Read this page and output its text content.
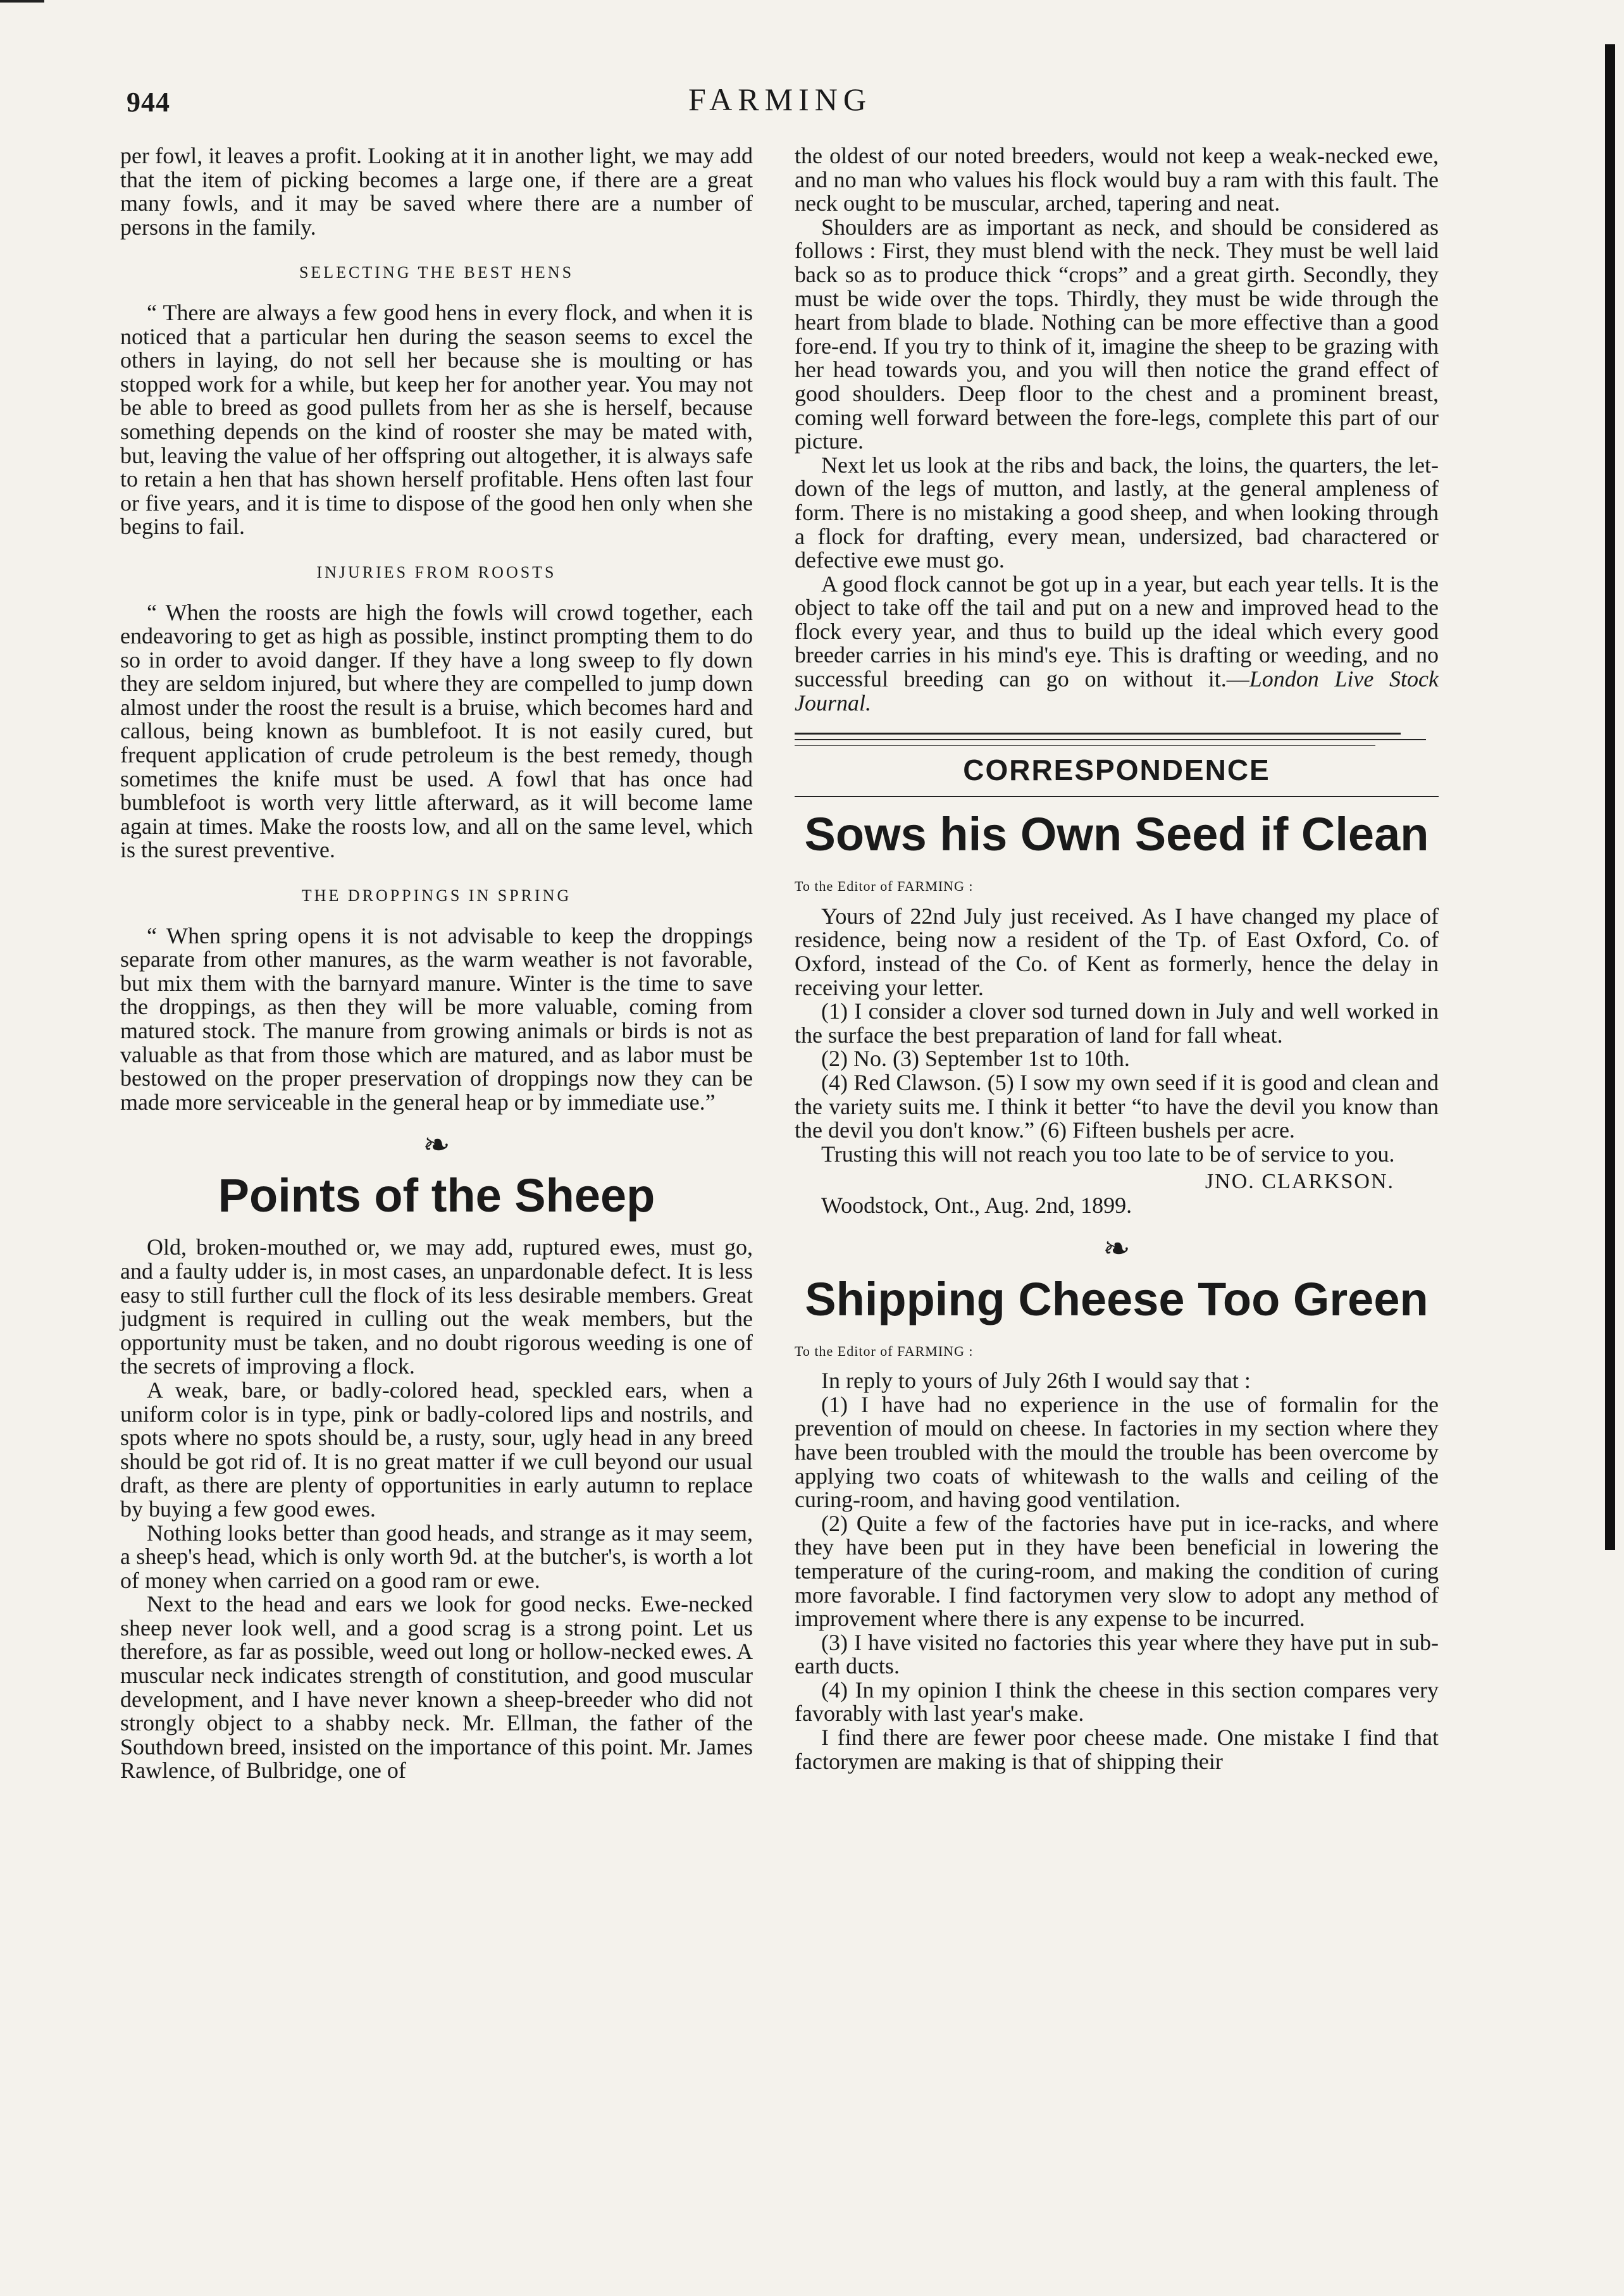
944	FARMING

per fowl, it leaves a profit. Looking at it in another light, we may add that the item of picking becomes a large one, if there are a great many fowls, and it may be saved where there are a number of persons in the family.

SELECTING THE BEST HENS

“ There are always a few good hens in every flock, and when it is noticed that a particular hen during the season seems to excel the others in laying, do not sell her because she is moulting or has stopped work for a while, but keep her for another year. You may not be able to breed as good pullets from her as she is herself, because something depends on the kind of rooster she may be mated with, but, leaving the value of her offspring out altogether, it is always safe to retain a hen that has shown herself profitable. Hens often last four or five years, and it is time to dispose of the good hen only when she begins to fail.

INJURIES FROM ROOSTS

“ When the roosts are high the fowls will crowd together, each endeavoring to get as high as possible, instinct prompting them to do so in order to avoid danger. If they have a long sweep to fly down they are seldom injured, but where they are compelled to jump down almost under the roost the result is a bruise, which becomes hard and callous, being known as bumblefoot. It is not easily cured, but frequent application of crude petroleum is the best remedy, though sometimes the knife must be used. A fowl that has once had bumblefoot is worth very little afterward, as it will become lame again at times. Make the roosts low, and all on the same level, which is the surest preventive.

THE DROPPINGS IN SPRING

“ When spring opens it is not advisable to keep the droppings separate from other manures, as the warm weather is not favorable, but mix them with the barnyard manure. Winter is the time to save the droppings, as then they will be more valuable, coming from matured stock. The manure from growing animals or birds is not as valuable as that from those which are matured, and as labor must be bestowed on the proper preservation of droppings now they can be made more serviceable in the general heap or by immediate use.”

❧
Points of the Sheep

Old, broken-mouthed or, we may add, ruptured ewes, must go, and a faulty udder is, in most cases, an unpardonable defect. It is less easy to still further cull the flock of its less desirable members. Great judgment is required in culling out the weak members, but the opportunity must be taken, and no doubt rigorous weeding is one of the secrets of improving a flock.

A weak, bare, or badly-colored head, speckled ears, when a uniform color is in type, pink or badly-colored lips and nostrils, and spots where no spots should be, a rusty, sour, ugly head in any breed should be got rid of. It is no great matter if we cull beyond our usual draft, as there are plenty of opportunities in early autumn to replace by buying a few good ewes.

Nothing looks better than good heads, and strange as it may seem, a sheep's head, which is only worth 9d. at the butcher's, is worth a lot of money when carried on a good ram or ewe.

Next to the head and ears we look for good necks. Ewe-necked sheep never look well, and a good scrag is a strong point. Let us therefore, as far as possible, weed out long or hollow-necked ewes. A muscular neck indicates strength of constitution, and good muscular development, and I have never known a sheep-breeder who did not strongly object to a shabby neck. Mr. Ellman, the father of the Southdown breed, insisted on the importance of this point. Mr. James Rawlence, of Bulbridge, one of

the oldest of our noted breeders, would not keep a weak-necked ewe, and no man who values his flock would buy a ram with this fault. The neck ought to be muscular, arched, tapering and neat.

Shoulders are as important as neck, and should be considered as follows : First, they must blend with the neck. They must be well laid back so as to produce thick “crops” and a great girth. Secondly, they must be wide over the tops. Thirdly, they must be wide through the heart from blade to blade. Nothing can be more effective than a good fore-end. If you try to think of it, imagine the sheep to be grazing with her head towards you, and you will then notice the grand effect of good shoulders. Deep floor to the chest and a prominent breast, coming well forward between the fore-legs, complete this part of our picture.

Next let us look at the ribs and back, the loins, the quarters, the let-down of the legs of mutton, and lastly, at the general ampleness of form. There is no mistaking a good sheep, and when looking through a flock for drafting, every mean, undersized, bad charactered or defective ewe must go.

A good flock cannot be got up in a year, but each year tells. It is the object to take off the tail and put on a new and improved head to the flock every year, and thus to build up the ideal which every good breeder carries in his mind's eye. This is drafting or weeding, and no successful breeding can go on without it.—London Live Stock Journal.

CORRESPONDENCE
Sows his Own Seed if Clean
To the Editor of FARMING :

Yours of 22nd July just received. As I have changed my place of residence, being now a resident of the Tp. of East Oxford, Co. of Oxford, instead of the Co. of Kent as formerly, hence the delay in receiving your letter.

(1) I consider a clover sod turned down in July and well worked in the surface the best preparation of land for fall wheat.

(2) No. (3) September 1st to 10th.

(4) Red Clawson. (5) I sow my own seed if it is good and clean and the variety suits me. I think it better “to have the devil you know than the devil you don't know.” (6) Fifteen bushels per acre.

Trusting this will not reach you too late to be of service to you.

JNO. CLARKSON.

Woodstock, Ont., Aug. 2nd, 1899.

❧
Shipping Cheese Too Green
To the Editor of FARMING :

In reply to yours of July 26th I would say that :

(1) I have had no experience in the use of formalin for the prevention of mould on cheese. In factories in my section where they have been troubled with the mould the trouble has been overcome by applying two coats of whitewash to the walls and ceiling of the curing-room, and having good ventilation.

(2) Quite a few of the factories have put in ice-racks, and where they have been put in they have been beneficial in lowering the temperature of the curing-room, and making the condition of curing more favorable. I find factorymen very slow to adopt any method of improvement where there is any expense to be incurred.

(3) I have visited no factories this year where they have put in sub-earth ducts.

(4) In my opinion I think the cheese in this section compares very favorably with last year's make.

I find there are fewer poor cheese made. One mistake I find that factorymen are making is that of shipping their
